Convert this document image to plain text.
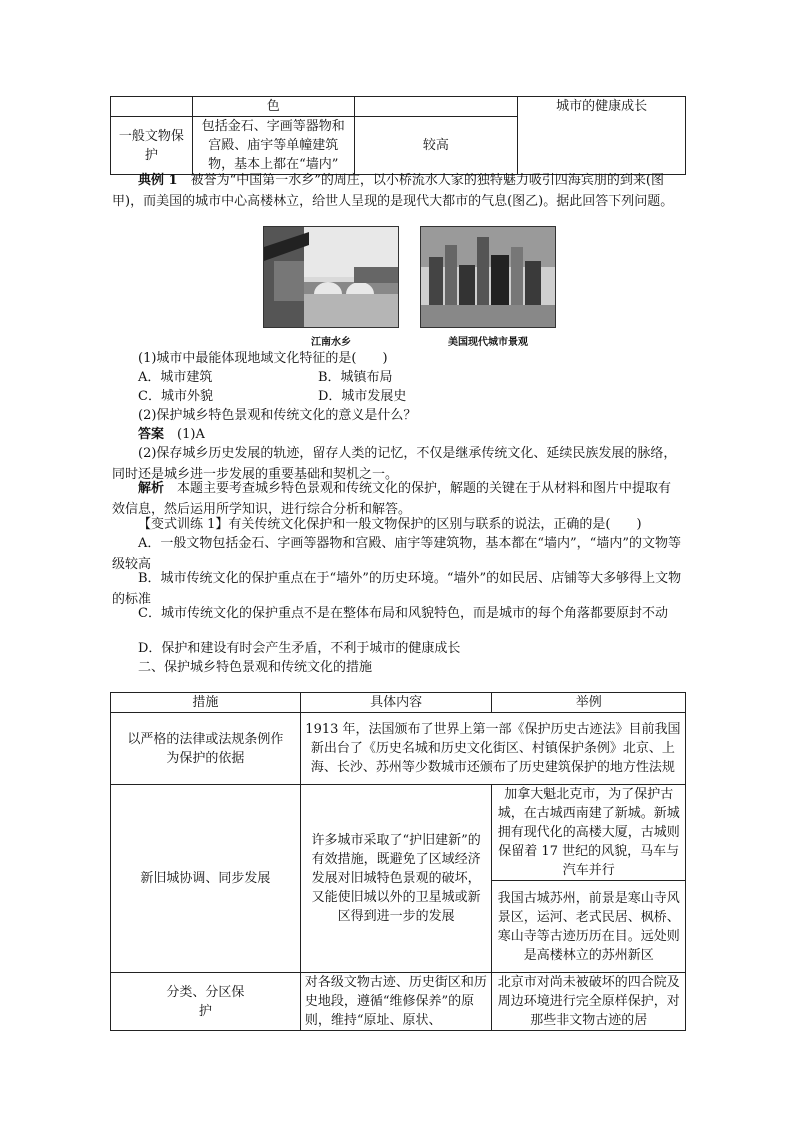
	色		城市的健康成长
一般文物保护	包括金石、字画等器物和宫殿、庙宇等单幢建筑物，基本上都在“墙内”	较高	

典例 1　 被誉为“中国第一水乡”的周庄，以小桥流水人家的独特魅力吸引四海宾朋的到来(图甲)，而美国的城市中心高楼林立，给世人呈现的是现代大都市的气息(图乙)。据此回答下列问题。

江南水乡	美国现代城市景观

(1)城市中最能体现地域文化特征的是(　　)

A．城市建筑	B．城镇布局

C．城市外貌	D．城市发展史

(2)保护城乡特色景观和传统文化的意义是什么？

答案　 (1)A

(2)保存城乡历史发展的轨迹，留存人类的记忆，不仅是继承传统文化、延续民族发展的脉络，同时还是城乡进一步发展的重要基础和契机之一。

解析　 本题主要考查城乡特色景观和传统文化的保护，解题的关键在于从材料和图片中提取有效信息，然后运用所学知识，进行综合分析和解答。

【变式训练 1】有关传统文化保护和一般文物保护的区别与联系的说法，正确的是(　　)

A．一般文物包括金石、字画等器物和宫殿、庙宇等建筑物，基本都在“墙内”，“墙内”的文物等级较高

B．城市传统文化的保护重点在于“墙外”的历史环境。“墙外”的如民居、店铺等大多够得上文物的标准

C．城市传统文化的保护重点不是在整体布局和风貌特色，而是城市的每个角落都要原封不动

D．保护和建设有时会产生矛盾，不利于城市的健康成长

二、保护城乡特色景观和传统文化的措施

措施	具体内容	举例
以严格的法律或法规条例作为保护的依据	1913 年，法国颁布了世界上第一部《保护历史古迹法》目前我国新出台了《历史名城和历史文化街区、村镇保护条例》北京、上海、长沙、苏州等少数城市还颁布了历史建筑保护的地方性法规	
新旧城协调、同步发展	许多城市采取了“护旧建新”的有效措施，既避免了区域经济发展对旧城特色景观的破坏，又能使旧城以外的卫星城或新区得到进一步的发展	加拿大魁北克市，为了保护古城，在古城西南建了新城。新城拥有现代化的高楼大厦，古城则保留着 17 世纪的风貌，马车与汽车并行
		我国古城苏州，前景是寒山寺风景区，运河、老式民居、枫桥、寒山寺等古迹历历在目。远处则是高楼林立的苏州新区
分类、分区保护	对各级文物古迹、历史街区和历史地段，遵循“维修保养”的原则，维持“原址、原状、	北京市对尚未被破坏的四合院及周边环境进行完全原样保护，对那些非文物古迹的居
